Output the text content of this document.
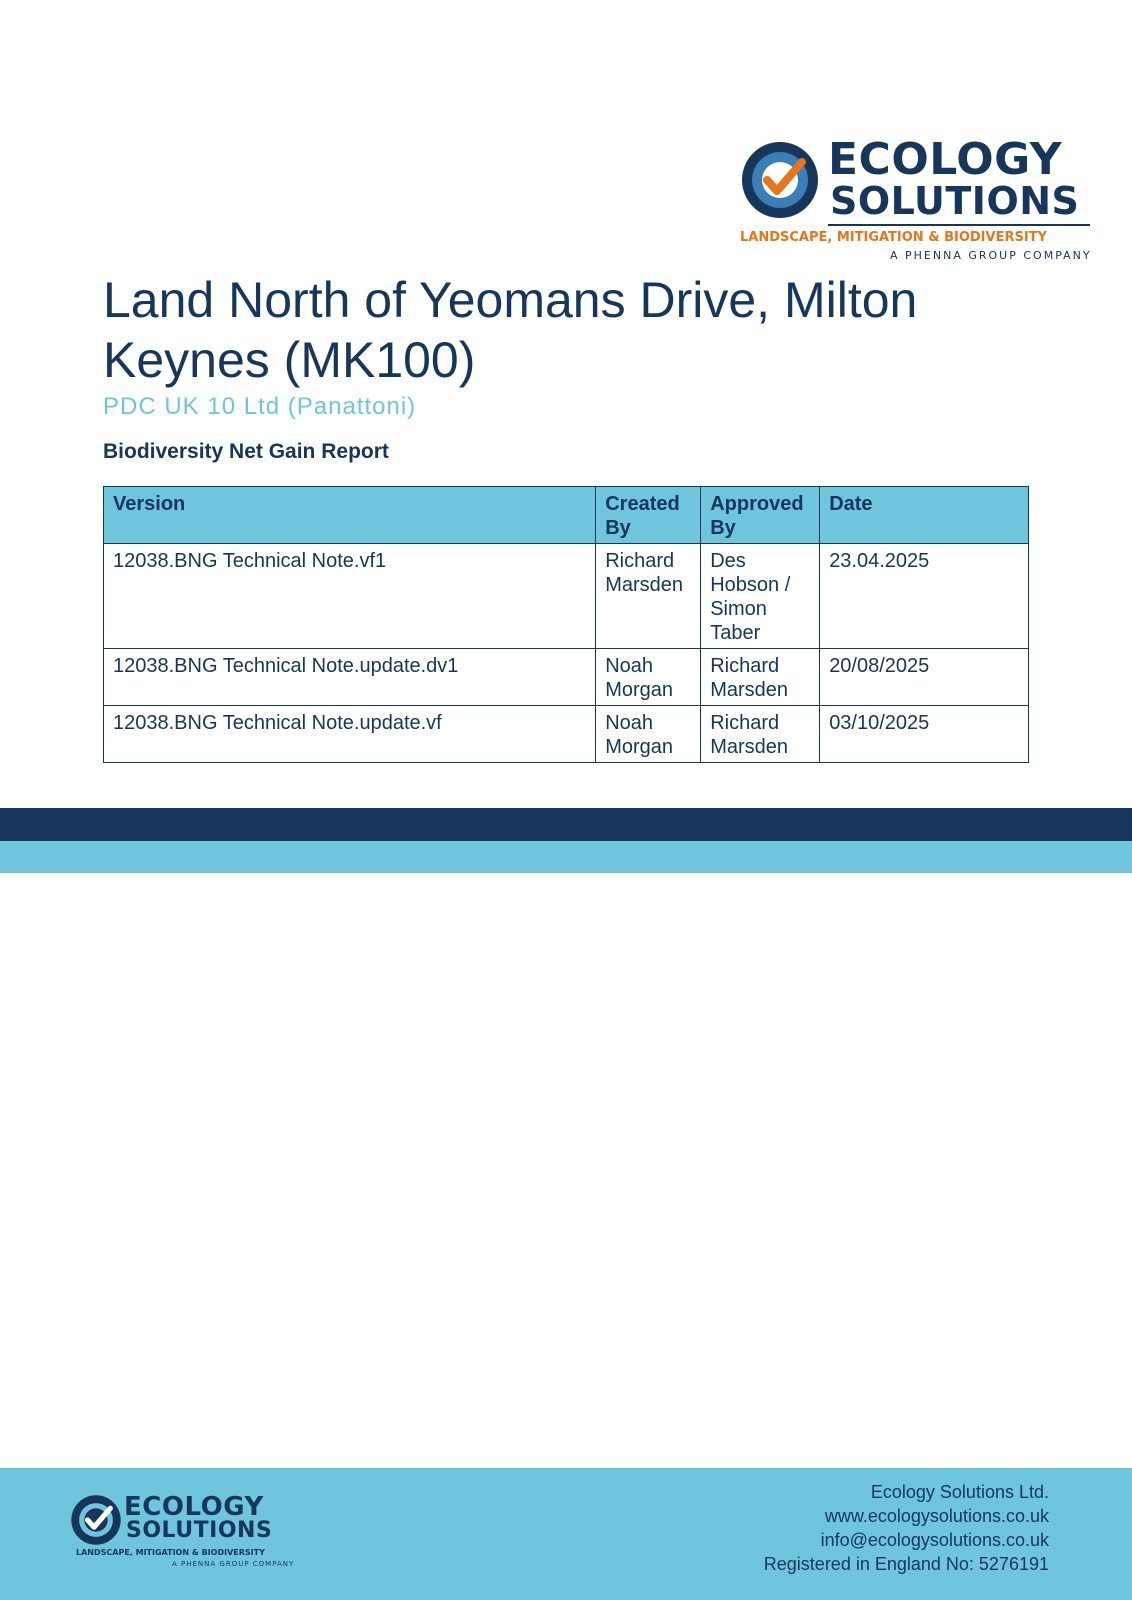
ECOLOGY
SOLUTIONS
LANDSCAPE, MITIGATION & BIODIVERSITY
A PHENNA GROUP COMPANY
Land North of Yeomans Drive, Milton Keynes (MK100)

PDC UK 10 Ltd (Panattoni)

Biodiversity Net Gain Report

Version	Created By	Approved By	Date
12038.BNG Technical Note.vf1	Richard Marsden	Des Hobson / Simon Taber	23.04.2025
12038.BNG Technical Note.update.dv1	Noah Morgan	Richard Marsden	20/08/2025
12038.BNG Technical Note.update.vf	Noah Morgan	Richard Marsden	03/10/2025
ECOLOGY
SOLUTIONS
LANDSCAPE, MITIGATION & BIODIVERSITY
A PHENNA GROUP COMPANY
Ecology Solutions Ltd.
www.ecologysolutions.co.uk
info@ecologysolutions.co.uk
Registered in England No: 5276191
